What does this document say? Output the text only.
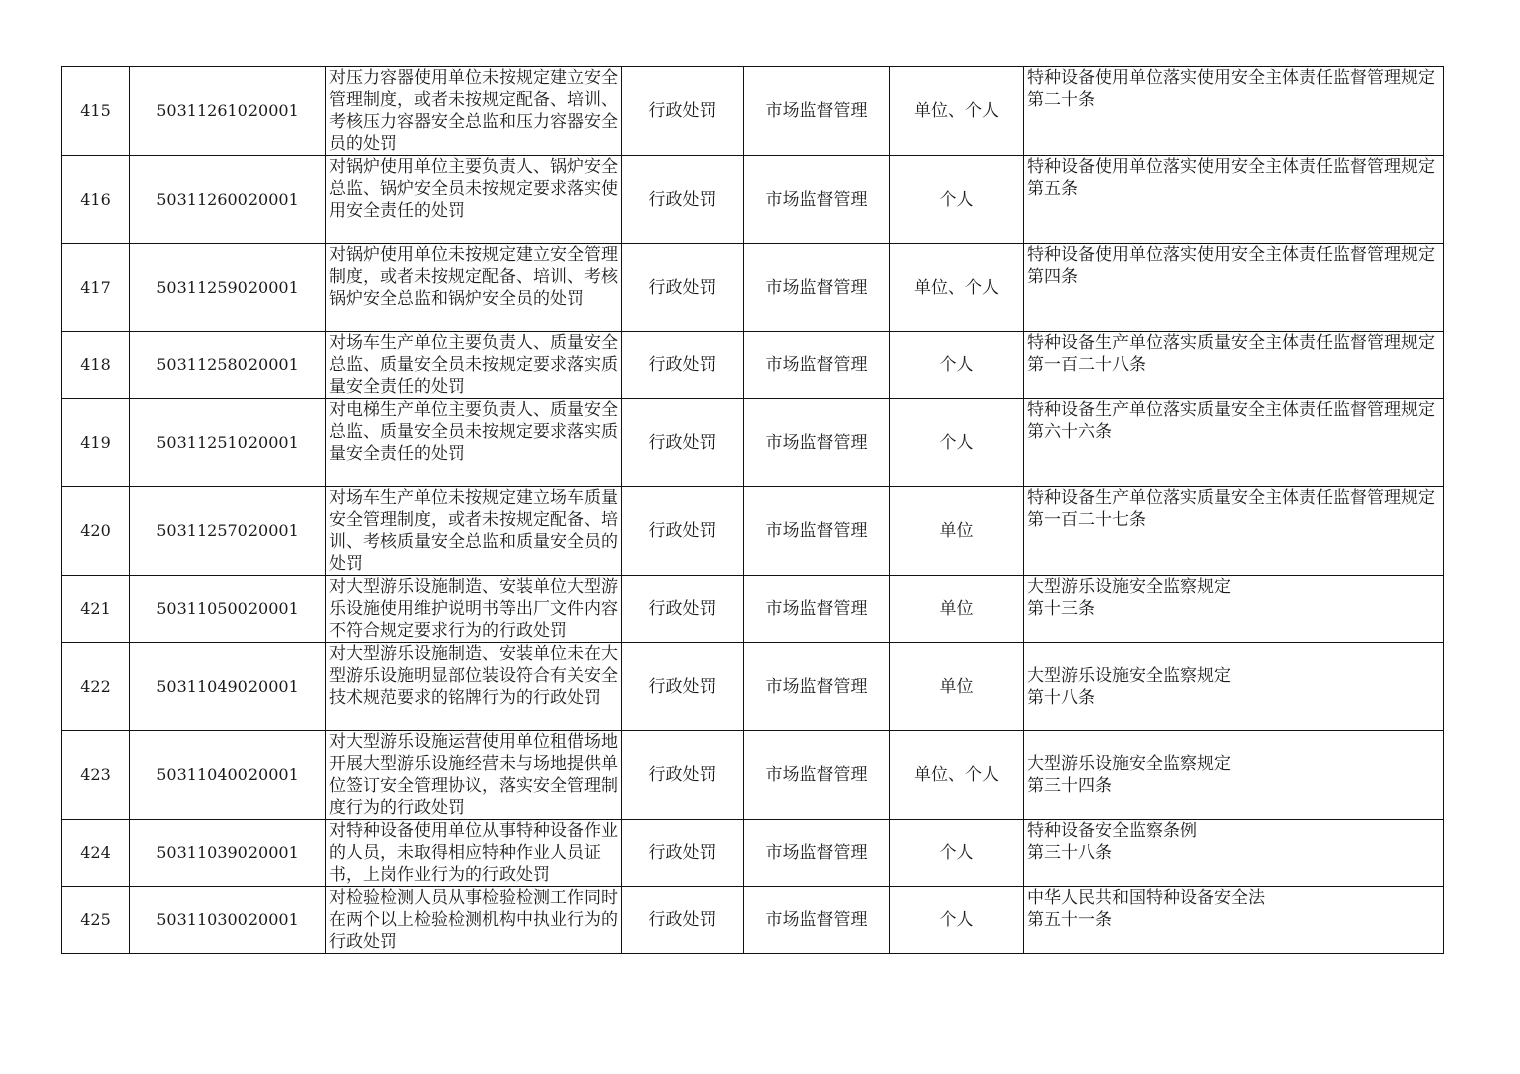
415	50311261020001	对压力容器使用单位未按规定建立安全管理制度，或者未按规定配备、培训、考核压力容器安全总监和压力容器安全员的处罚	行政处罚	市场监督管理	单位、个人	特种设备使用单位落实使用安全主体责任监督管理规定
第二十条

416	50311260020001	对锅炉使用单位主要负责人、锅炉安全总监、锅炉安全员未按规定要求落实使用安全责任的处罚	行政处罚	市场监督管理	个人	特种设备使用单位落实使用安全主体责任监督管理规定
第五条

417	50311259020001	对锅炉使用单位未按规定建立安全管理制度，或者未按规定配备、培训、考核锅炉安全总监和锅炉安全员的处罚	行政处罚	市场监督管理	单位、个人	特种设备使用单位落实使用安全主体责任监督管理规定
第四条

418	50311258020001	对场车生产单位主要负责人、质量安全总监、质量安全员未按规定要求落实质量安全责任的处罚	行政处罚	市场监督管理	个人	特种设备生产单位落实质量安全主体责任监督管理规定
第一百二十八条

419	50311251020001	对电梯生产单位主要负责人、质量安全总监、质量安全员未按规定要求落实质量安全责任的处罚	行政处罚	市场监督管理	个人	特种设备生产单位落实质量安全主体责任监督管理规定
第六十六条

420	50311257020001	对场车生产单位未按规定建立场车质量安全管理制度，或者未按规定配备、培训、考核质量安全总监和质量安全员的处罚	行政处罚	市场监督管理	单位	特种设备生产单位落实质量安全主体责任监督管理规定
第一百二十七条

421	50311050020001	对大型游乐设施制造、安装单位大型游乐设施使用维护说明书等出厂文件内容不符合规定要求行为的行政处罚	行政处罚	市场监督管理	单位	大型游乐设施安全监察规定
第十三条

422	50311049020001	对大型游乐设施制造、安装单位未在大型游乐设施明显部位装设符合有关安全技术规范要求的铭牌行为的行政处罚	行政处罚	市场监督管理	单位	大型游乐设施安全监察规定
第十八条

423	50311040020001	对大型游乐设施运营使用单位租借场地开展大型游乐设施经营未与场地提供单位签订安全管理协议，落实安全管理制度行为的行政处罚	行政处罚	市场监督管理	单位、个人	大型游乐设施安全监察规定
第三十四条

424	50311039020001	对特种设备使用单位从事特种设备作业的人员，未取得相应特种作业人员证书，上岗作业行为的行政处罚	行政处罚	市场监督管理	个人	特种设备安全监察条例
第三十八条

425	50311030020001	对检验检测人员从事检验检测工作同时在两个以上检验检测机构中执业行为的行政处罚	行政处罚	市场监督管理	个人	中华人民共和国特种设备安全法
第五十一条
